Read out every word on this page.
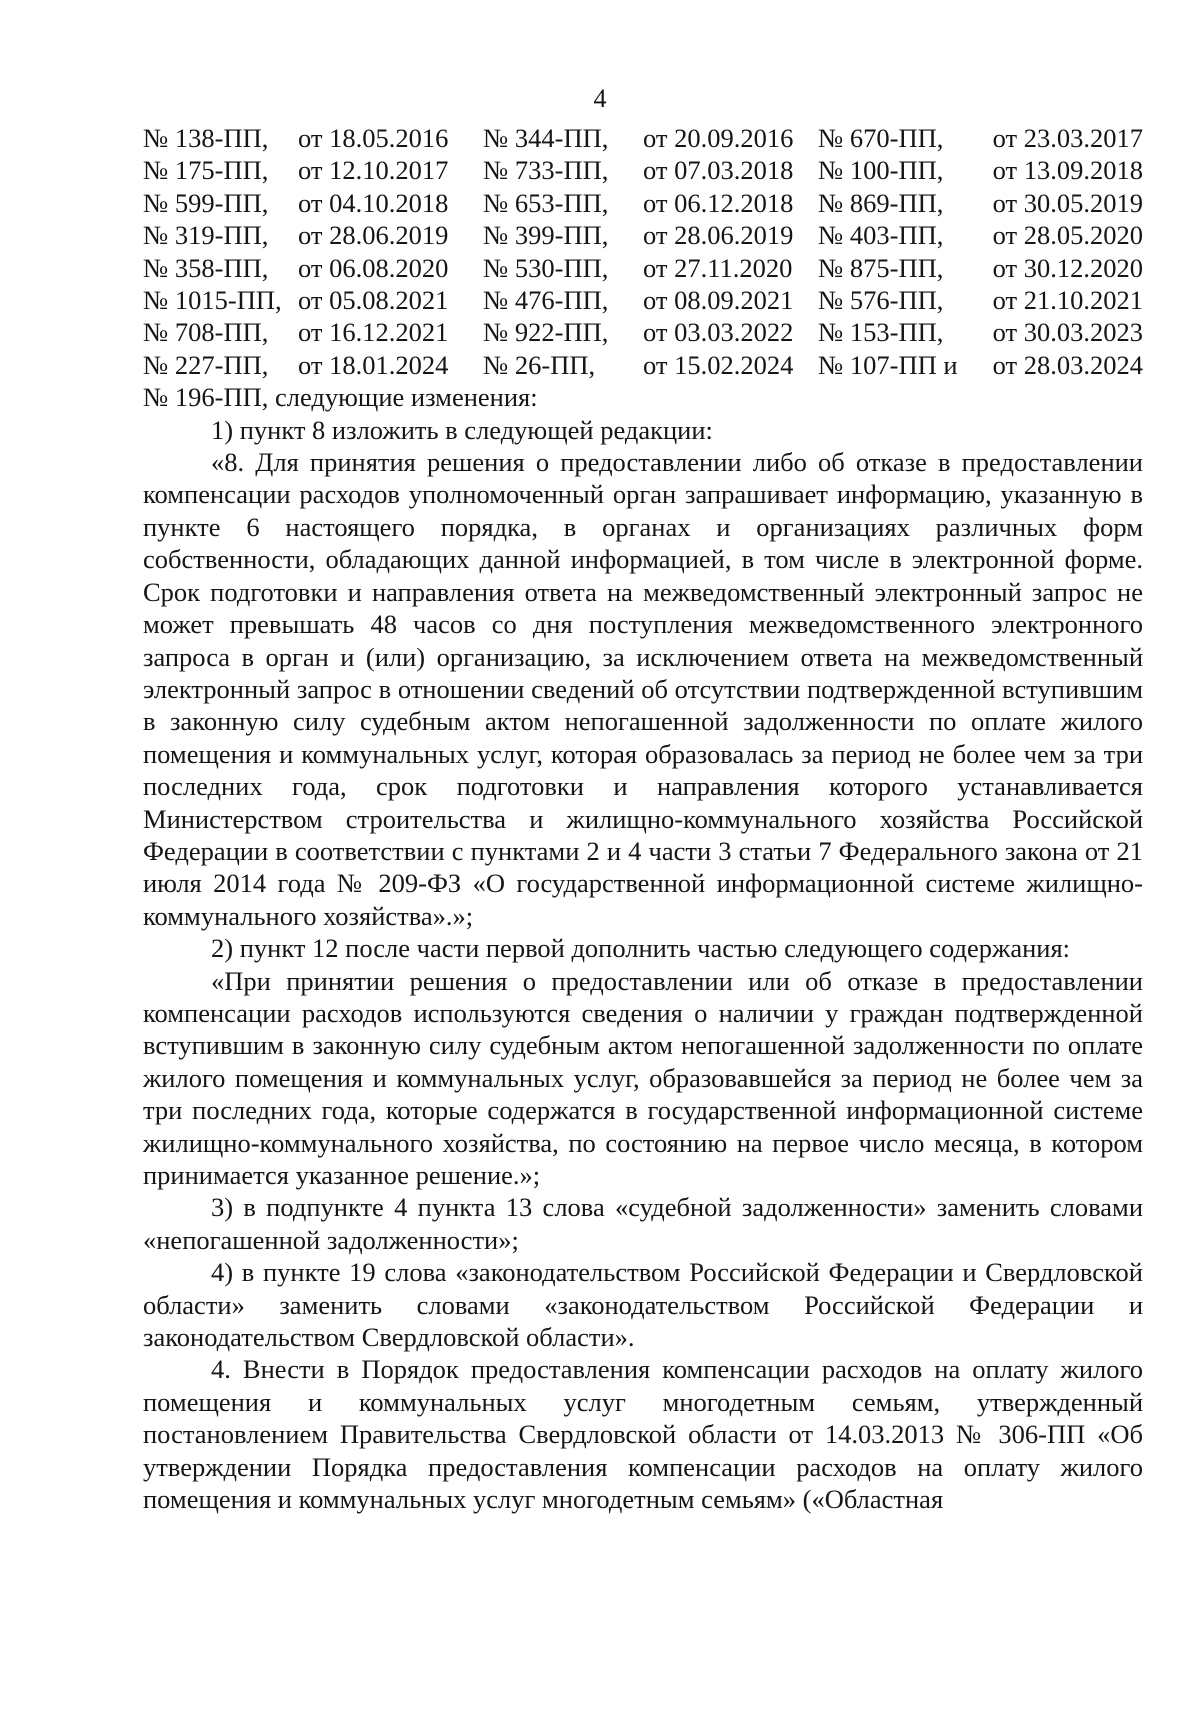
4
№ 138-ПП,	от 18.05.2016	№ 344-ПП,	от 20.09.2016	№ 670-ПП,	от 23.03.2017
№ 175-ПП,	от 12.10.2017	№ 733-ПП,	от 07.03.2018	№ 100-ПП,	от 13.09.2018
№ 599-ПП,	от 04.10.2018	№ 653-ПП,	от 06.12.2018	№ 869-ПП,	от 30.05.2019
№ 319-ПП,	от 28.06.2019	№ 399-ПП,	от 28.06.2019	№ 403-ПП,	от 28.05.2020
№ 358-ПП,	от 06.08.2020	№ 530-ПП,	от 27.11.2020	№ 875-ПП,	от 30.12.2020
№ 1015-ПП,	от 05.08.2021	№ 476-ПП,	от 08.09.2021	№ 576-ПП,	от 21.10.2021
№ 708-ПП,	от 16.12.2021	№ 922-ПП,	от 03.03.2022	№ 153-ПП,	от 30.03.2023
№ 227-ПП,	от 18.01.2024	№ 26-ПП,	от 15.02.2024	№ 107-ПП и	от 28.03.2024

№ 196-ПП, следующие изменения:

1) пункт 8 изложить в следующей редакции:

«8. Для принятия решения о предоставлении либо об отказе в предоставлении компенсации расходов уполномоченный орган запрашивает информацию, указанную в пункте 6 настоящего порядка, в органах и организациях различных форм собственности, обладающих данной информацией, в том числе в электронной форме. Срок подготовки и направления ответа на межведомственный электронный запрос не может превышать 48 часов со дня поступления межведомственного электронного запроса в орган и (или) организацию, за исключением ответа на межведомственный электронный запрос в отношении сведений об отсутствии подтвержденной вступившим в законную силу судебным актом непогашенной задолженности по оплате жилого помещения и коммунальных услуг, которая образовалась за период не более чем за три последних года, срок подготовки и направления которого устанавливается Министерством строительства и жилищно-коммунального хозяйства Российской Федерации в соответствии с пунктами 2 и 4 части 3 статьи 7 Федерального закона от 21 июля 2014 года № 209-ФЗ «О государственной информационной системе жилищно-коммунального хозяйства».»;

2) пункт 12 после части первой дополнить частью следующего содержания:

«При принятии решения о предоставлении или об отказе в предоставлении компенсации расходов используются сведения о наличии у граждан подтвержденной вступившим в законную силу судебным актом непогашенной задолженности по оплате жилого помещения и коммунальных услуг, образовавшейся за период не более чем за три последних года, которые содержатся в государственной информационной системе жилищно-коммунального хозяйства, по состоянию на первое число месяца, в котором принимается указанное решение.»;

3) в подпункте 4 пункта 13 слова «судебной задолженности» заменить словами «непогашенной задолженности»;

4) в пункте 19 слова «законодательством Российской Федерации и Свердловской области» заменить словами «законодательством Российской Федерации и законодательством Свердловской области».

4. Внести в Порядок предоставления компенсации расходов на оплату жилого помещения и коммунальных услуг многодетным семьям, утвержденный постановлением Правительства Свердловской области от 14.03.2013 № 306-ПП «Об утверждении Порядка предоставления компенсации расходов на оплату жилого помещения и коммунальных услуг многодетным семьям» («Областная
